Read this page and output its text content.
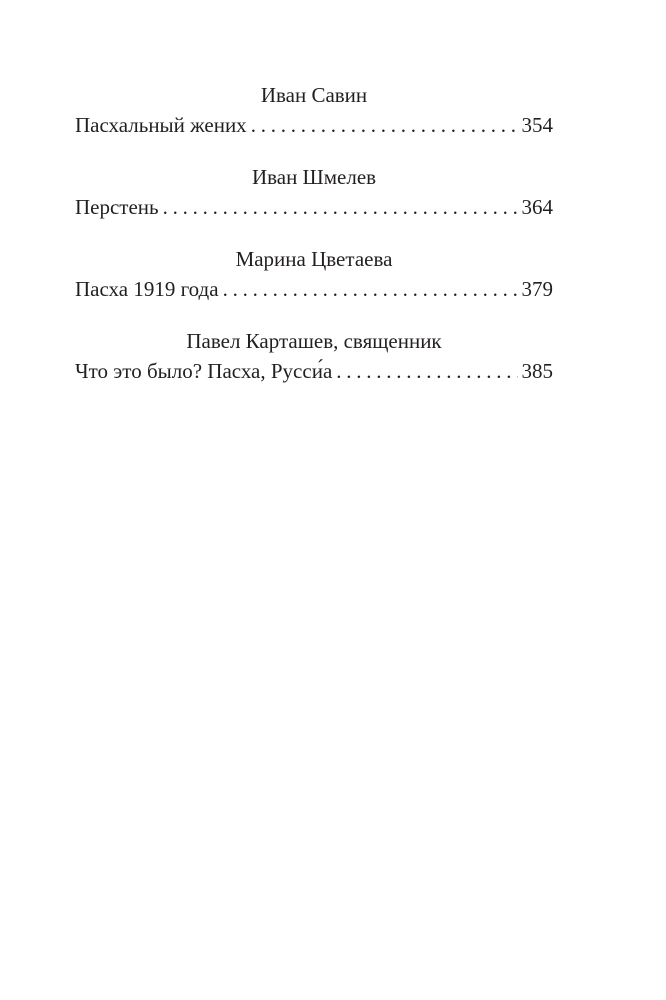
Иван Савин
Пасхальный жених . . .	354
Иван Шмелев
Перстень . . .	364
Марина Цветаева
Пасха 1919 года . . .	379
Павел Карташев, священник
Что это было? Пасха, Русси́а . . .	385
